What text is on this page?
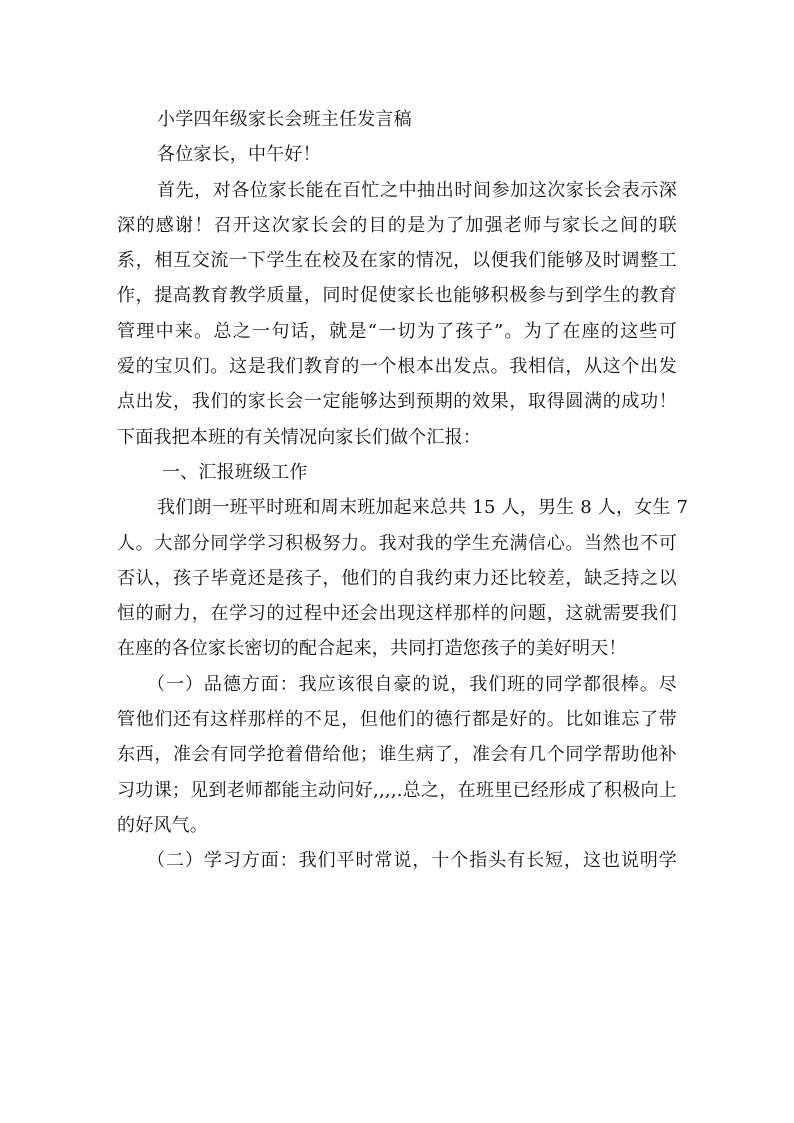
小学四年级家长会班主任发言稿
各位家长，中午好！
首先，对各位家长能在百忙之中抽出时间参加这次家长会表示深
深的感谢！召开这次家长会的目的是为了加强老师与家长之间的联
系，相互交流一下学生在校及在家的情况，以便我们能够及时调整工
作，提高教育教学质量，同时促使家长也能够积极参与到学生的教育
管理中来。总之一句话，就是“一切为了孩子”。为了在座的这些可
爱的宝贝们。这是我们教育的一个根本出发点。我相信，从这个出发
点出发，我们的家长会一定能够达到预期的效果，取得圆满的成功！
下面我把本班的有关情况向家长们做个汇报：
一、汇报班级工作
我们朗一班平时班和周末班加起来总共 15 人，男生 8 人，女生 7
人。大部分同学学习积极努力。我对我的学生充满信心。当然也不可
否认，孩子毕竟还是孩子，他们的自我约束力还比较差，缺乏持之以
恒的耐力，在学习的过程中还会出现这样那样的问题，这就需要我们
在座的各位家长密切的配合起来，共同打造您孩子的美好明天！
（一）品德方面：我应该很自豪的说，我们班的同学都很棒。尽
管他们还有这样那样的不足，但他们的德行都是好的。比如谁忘了带
东西，准会有同学抢着借给他；谁生病了，准会有几个同学帮助他补
习功课；见到老师都能主动问好,,,,.总之，在班里已经形成了积极向上
的好风气。
（二）学习方面：我们平时常说，十个指头有长短，这也说明学
